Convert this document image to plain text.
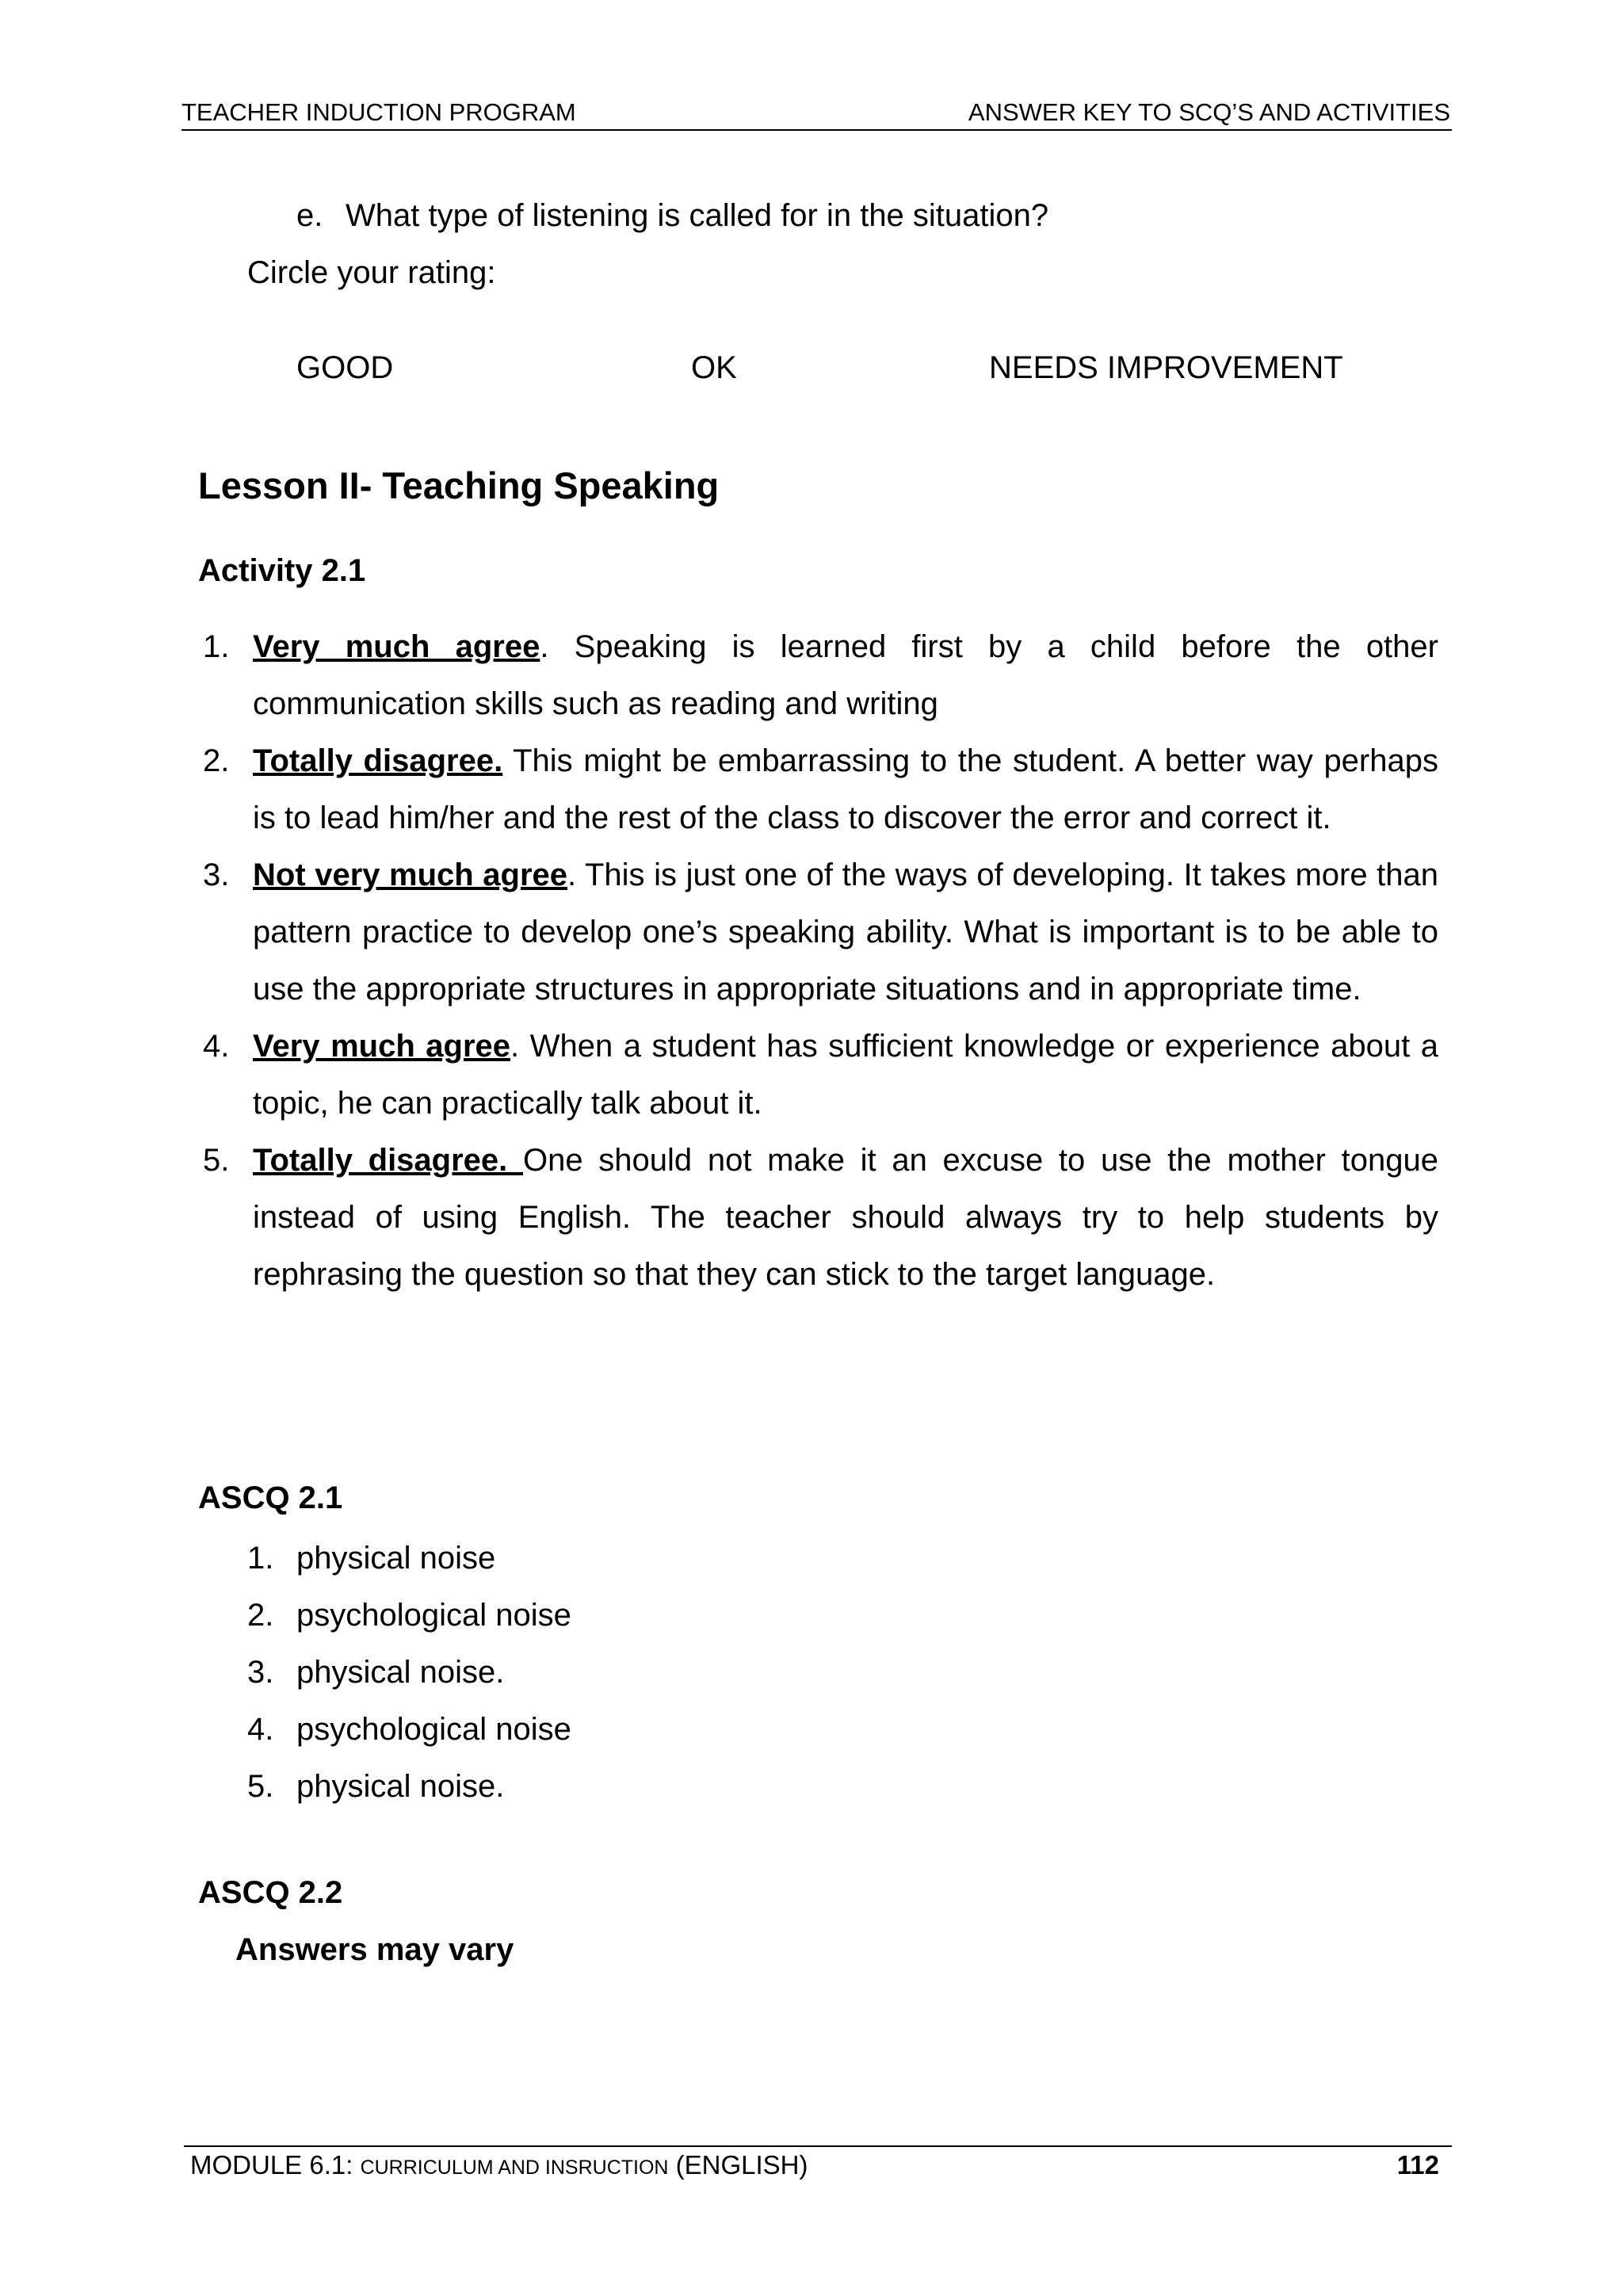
TEACHER INDUCTION PROGRAM	ANSWER KEY TO SCQ’S AND ACTIVITIES
e. What type of listening is called for in the situation?
Circle your rating:
GOOD	OK	NEEDS IMPROVEMENT
Lesson II- Teaching Speaking
Activity 2.1
1. Very much agree. Speaking is learned first by a child before the other communication skills such as reading and writing
2. Totally disagree. This might be embarrassing to the student. A better way perhaps is to lead him/her and the rest of the class to discover the error and correct it.
3. Not very much agree. This is just one of the ways of developing. It takes more than pattern practice to develop one’s speaking ability. What is important is to be able to use the appropriate structures in appropriate situations and in appropriate time.
4. Very much agree. When a student has sufficient knowledge or experience about a topic, he can practically talk about it.
5. Totally disagree. One should not make it an excuse to use the mother tongue instead of using English. The teacher should always try to help students by rephrasing the question so that they can stick to the target language.
ASCQ 2.1
1. physical noise
2. psychological noise
3. physical noise.
4. psychological noise
5. physical noise.
ASCQ 2.2
Answers may vary
MODULE 6.1: CURRICULUM AND INSRUCTION (ENGLISH)	112
